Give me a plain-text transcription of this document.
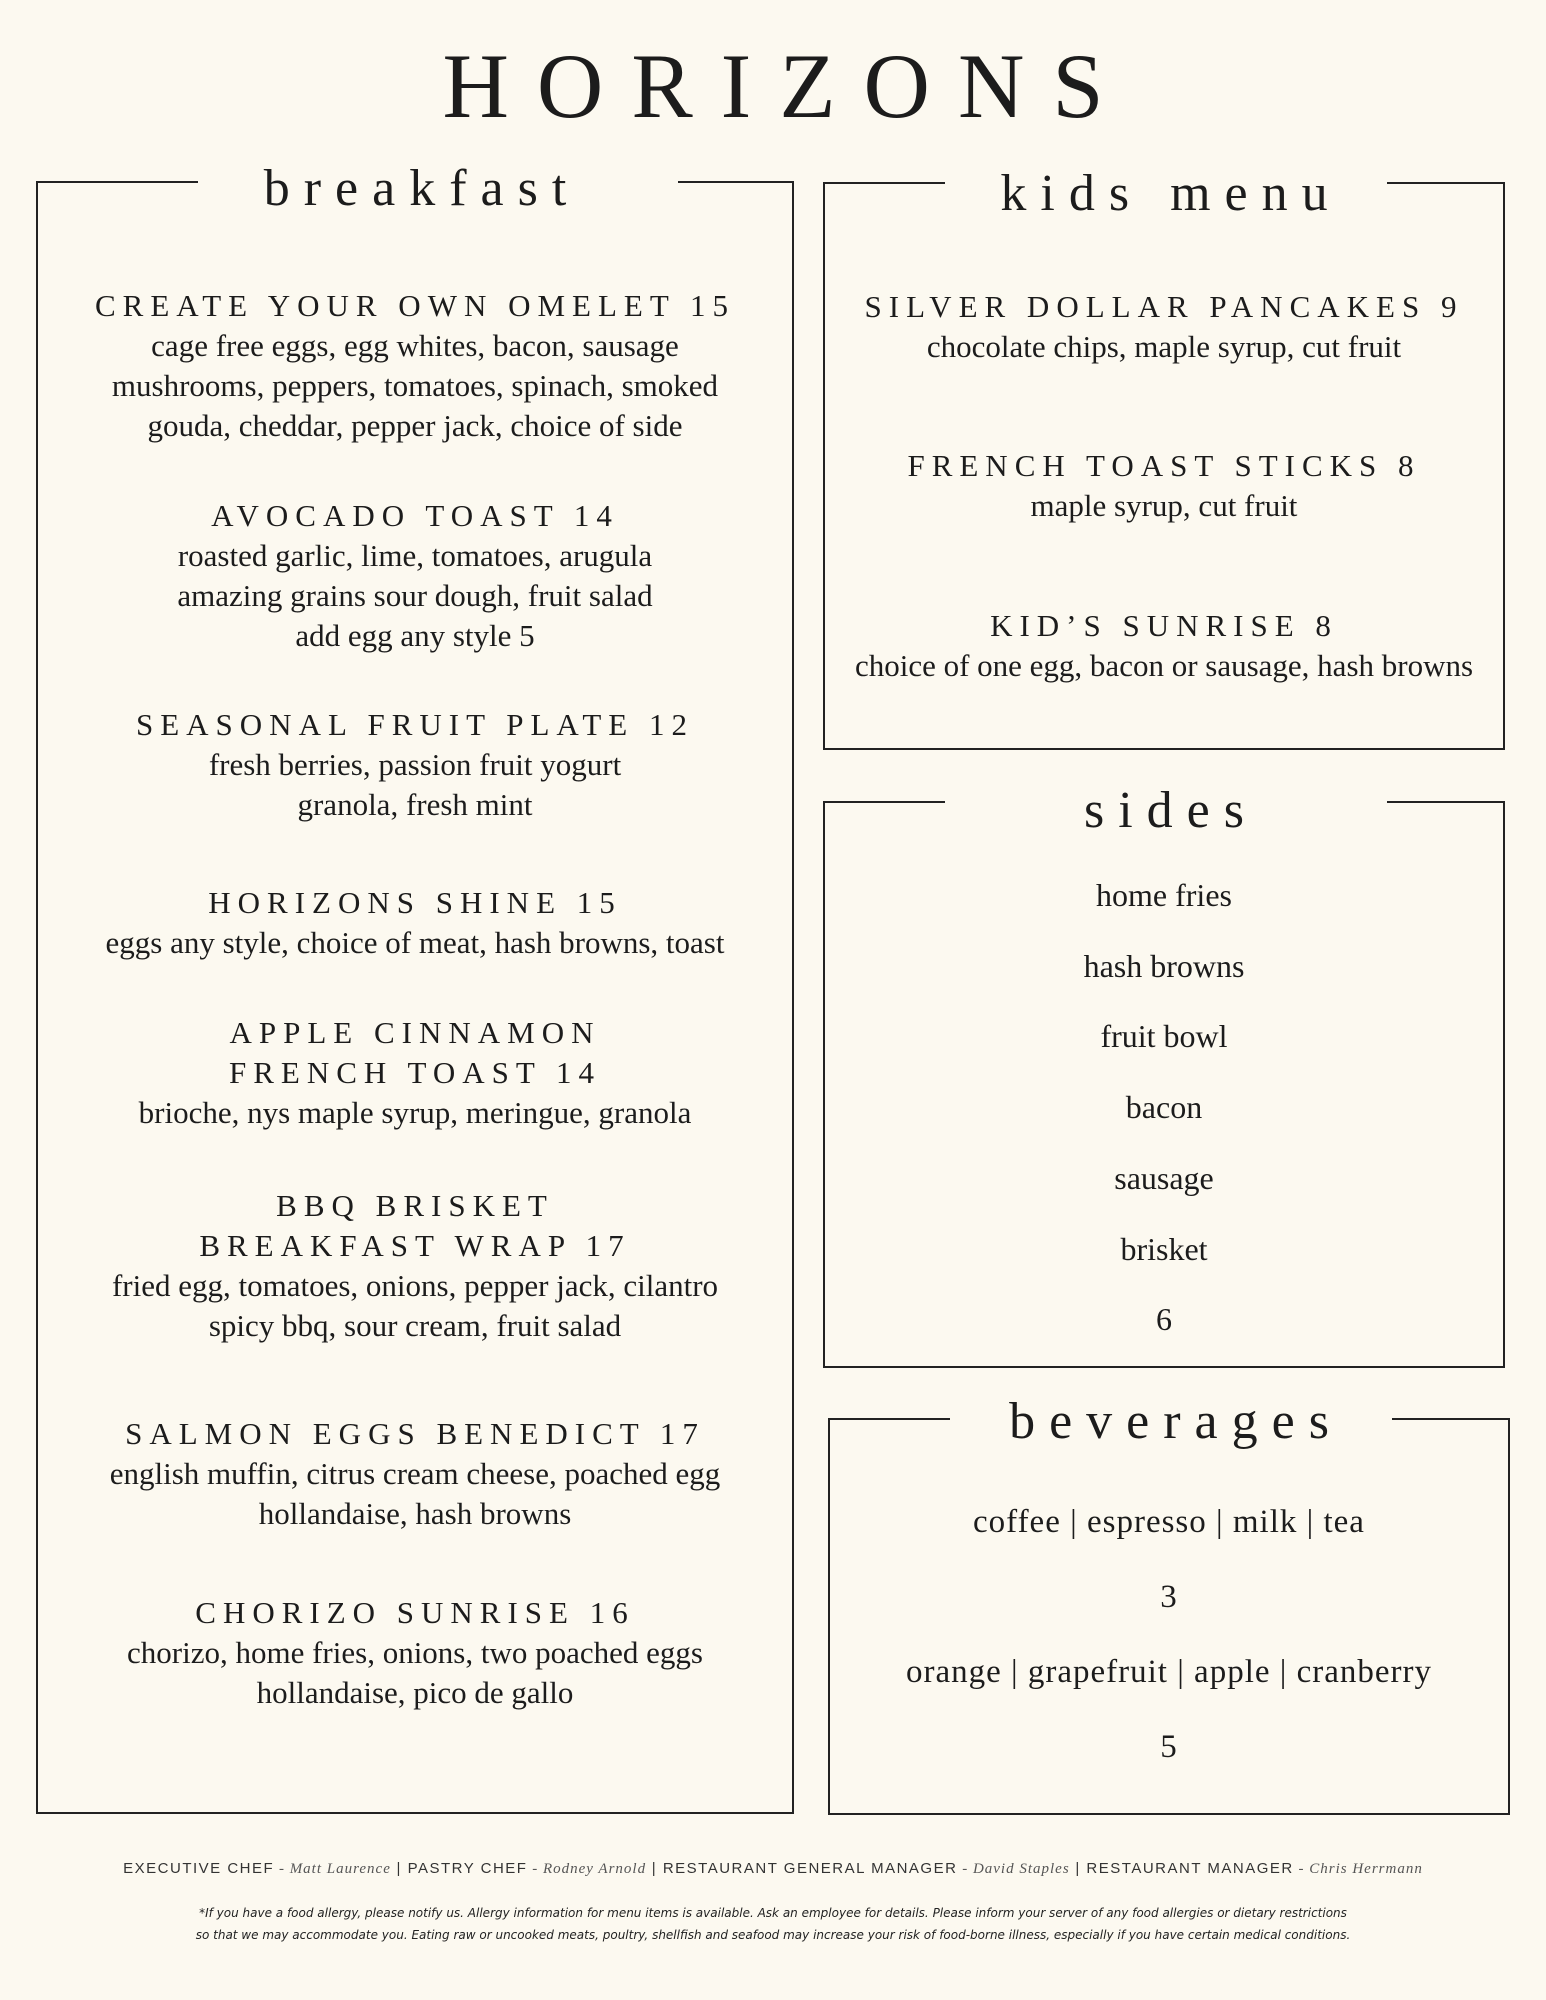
HORIZONS
breakfast
CREATE YOUR OWN OMELET 15
cage free eggs, egg whites, bacon, sausage
mushrooms, peppers, tomatoes, spinach, smoked
gouda, cheddar, pepper jack, choice of side
AVOCADO TOAST 14
roasted garlic, lime, tomatoes, arugula
amazing grains sour dough, fruit salad
add egg any style 5
SEASONAL FRUIT PLATE 12
fresh berries, passion fruit yogurt
granola, fresh mint
HORIZONS SHINE 15
eggs any style, choice of meat, hash browns, toast
APPLE CINNAMON
FRENCH TOAST 14
brioche, nys maple syrup, meringue, granola
BBQ BRISKET
BREAKFAST WRAP 17
fried egg, tomatoes, onions, pepper jack, cilantro
spicy bbq, sour cream, fruit salad
SALMON EGGS BENEDICT 17
english muffin, citrus cream cheese, poached egg
hollandaise, hash browns
CHORIZO SUNRISE 16
chorizo, home fries, onions, two poached eggs
hollandaise, pico de gallo
kids menu
SILVER DOLLAR PANCAKES 9
chocolate chips, maple syrup, cut fruit
FRENCH TOAST STICKS 8
maple syrup, cut fruit
KID’S SUNRISE 8
choice of one egg, bacon or sausage, hash browns
sides
home fries
hash browns
fruit bowl
bacon
sausage
brisket
6
beverages
coffee | espresso | milk | tea
3
orange | grapefruit | apple | cranberry
5
EXECUTIVE CHEF - Matt Laurence | PASTRY CHEF - Rodney Arnold | RESTAURANT GENERAL MANAGER - David Staples | RESTAURANT MANAGER - Chris Herrmann
*If you have a food allergy, please notify us. Allergy information for menu items is available. Ask an employee for details. Please inform your server of any food allergies or dietary restrictions
so that we may accommodate you. Eating raw or uncooked meats, poultry, shellfish and seafood may increase your risk of food-borne illness, especially if you have certain medical conditions.
